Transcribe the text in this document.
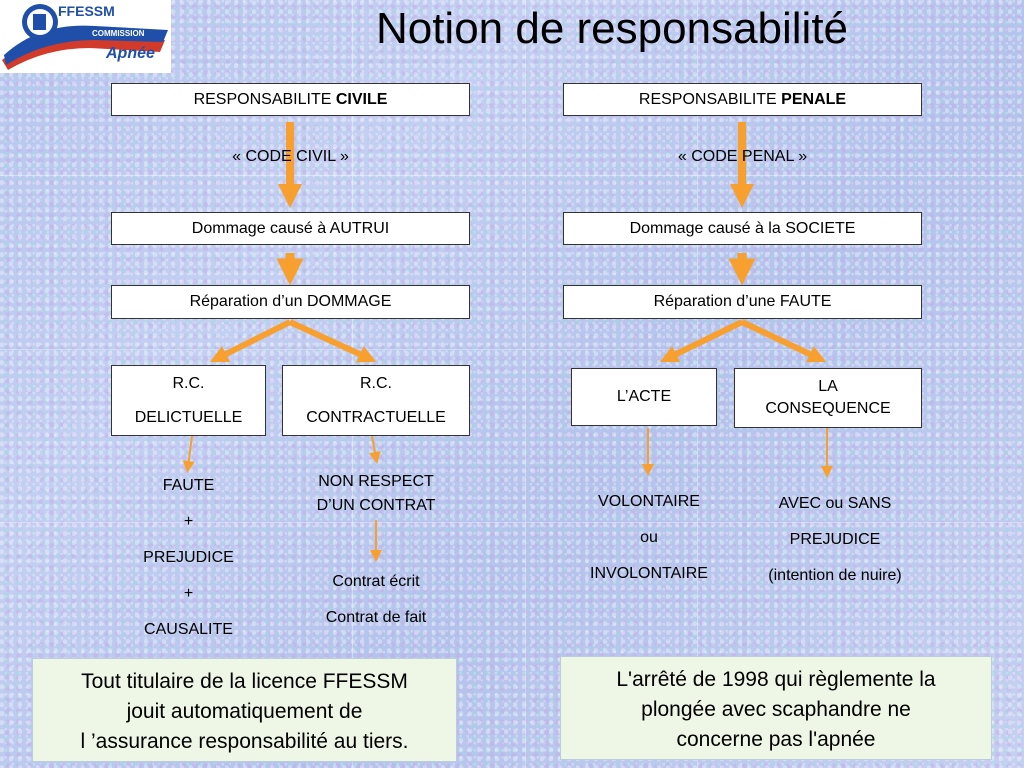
FFESSM
COMMISSION
Apnée
Notion de responsabilité
RESPONSABILITE CIVILE
« CODE CIVIL »
Dommage causé à AUTRUI
Réparation d’un DOMMAGE
R.C.
DELICTUELLE
R.C.
CONTRACTUELLE
FAUTE
+
PREJUDICE
+
CAUSALITE
NON RESPECT
D’UN CONTRAT
Contrat écrit
Contrat de fait
RESPONSABILITE PENALE
« CODE PENAL »
Dommage causé à la SOCIETE
Réparation d’une FAUTE
L’ACTE
LA
CONSEQUENCE
VOLONTAIRE
ou
INVOLONTAIRE
AVEC ou SANS
PREJUDICE
(intention de nuire)
Tout titulaire de la licence FFESSM
jouit automatiquement de
l ’assurance responsabilité au tiers.
L'arrêté de 1998 qui règlemente la
plongée avec scaphandre ne
concerne pas l'apnée
